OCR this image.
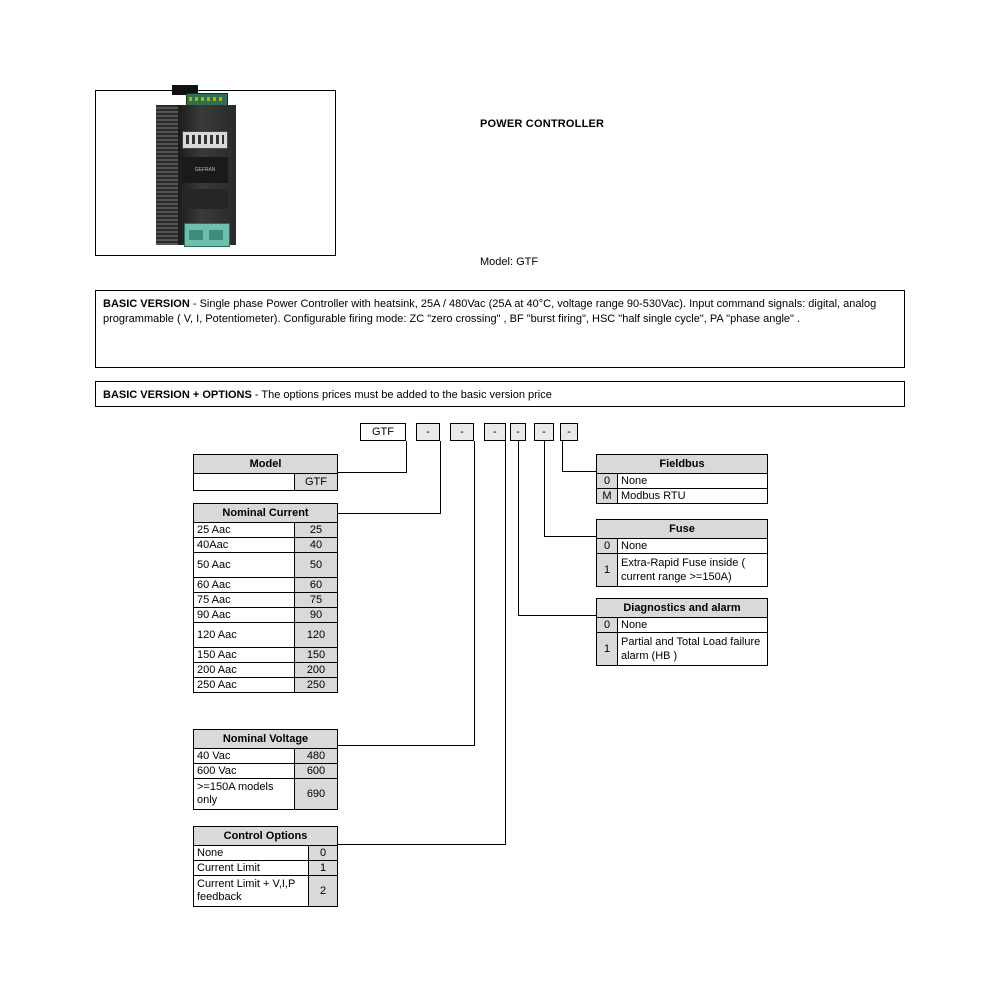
GEFRAN
POWER CONTROLLER
Model: GTF
BASIC VERSION - Single phase Power Controller with heatsink, 25A / 480Vac (25A at 40°C, voltage range 90-530Vac). Input command signals: digital, analog programmable ( V, I, Potentiometer). Configurable firing mode: ZC "zero crossing" , BF "burst firing", HSC "half single cycle", PA "phase angle" .
BASIC VERSION + OPTIONS - The options prices must be added to the basic version price
GTF	-	-	-	-	-	-
Model
	GTF
Nominal Current	
25 Aac	25
40Aac	40
50 Aac	50
60 Aac	60
75 Aac	75
90 Aac	90
120 Aac	120
150 Aac	150
200 Aac	200
250 Aac	250
Nominal Voltage	
40 Vac	480
600 Vac	600
>=150A models only	690
Control Options	
None	0
Current Limit	1
Current Limit + V,I,P feedback	2
Fieldbus	
0	None
M	Modbus RTU
Fuse	
0	None
1	Extra-Rapid Fuse inside ( current range >=150A)
Diagnostics and alarm	
0	None
1	Partial and Total Load failure alarm (HB )
